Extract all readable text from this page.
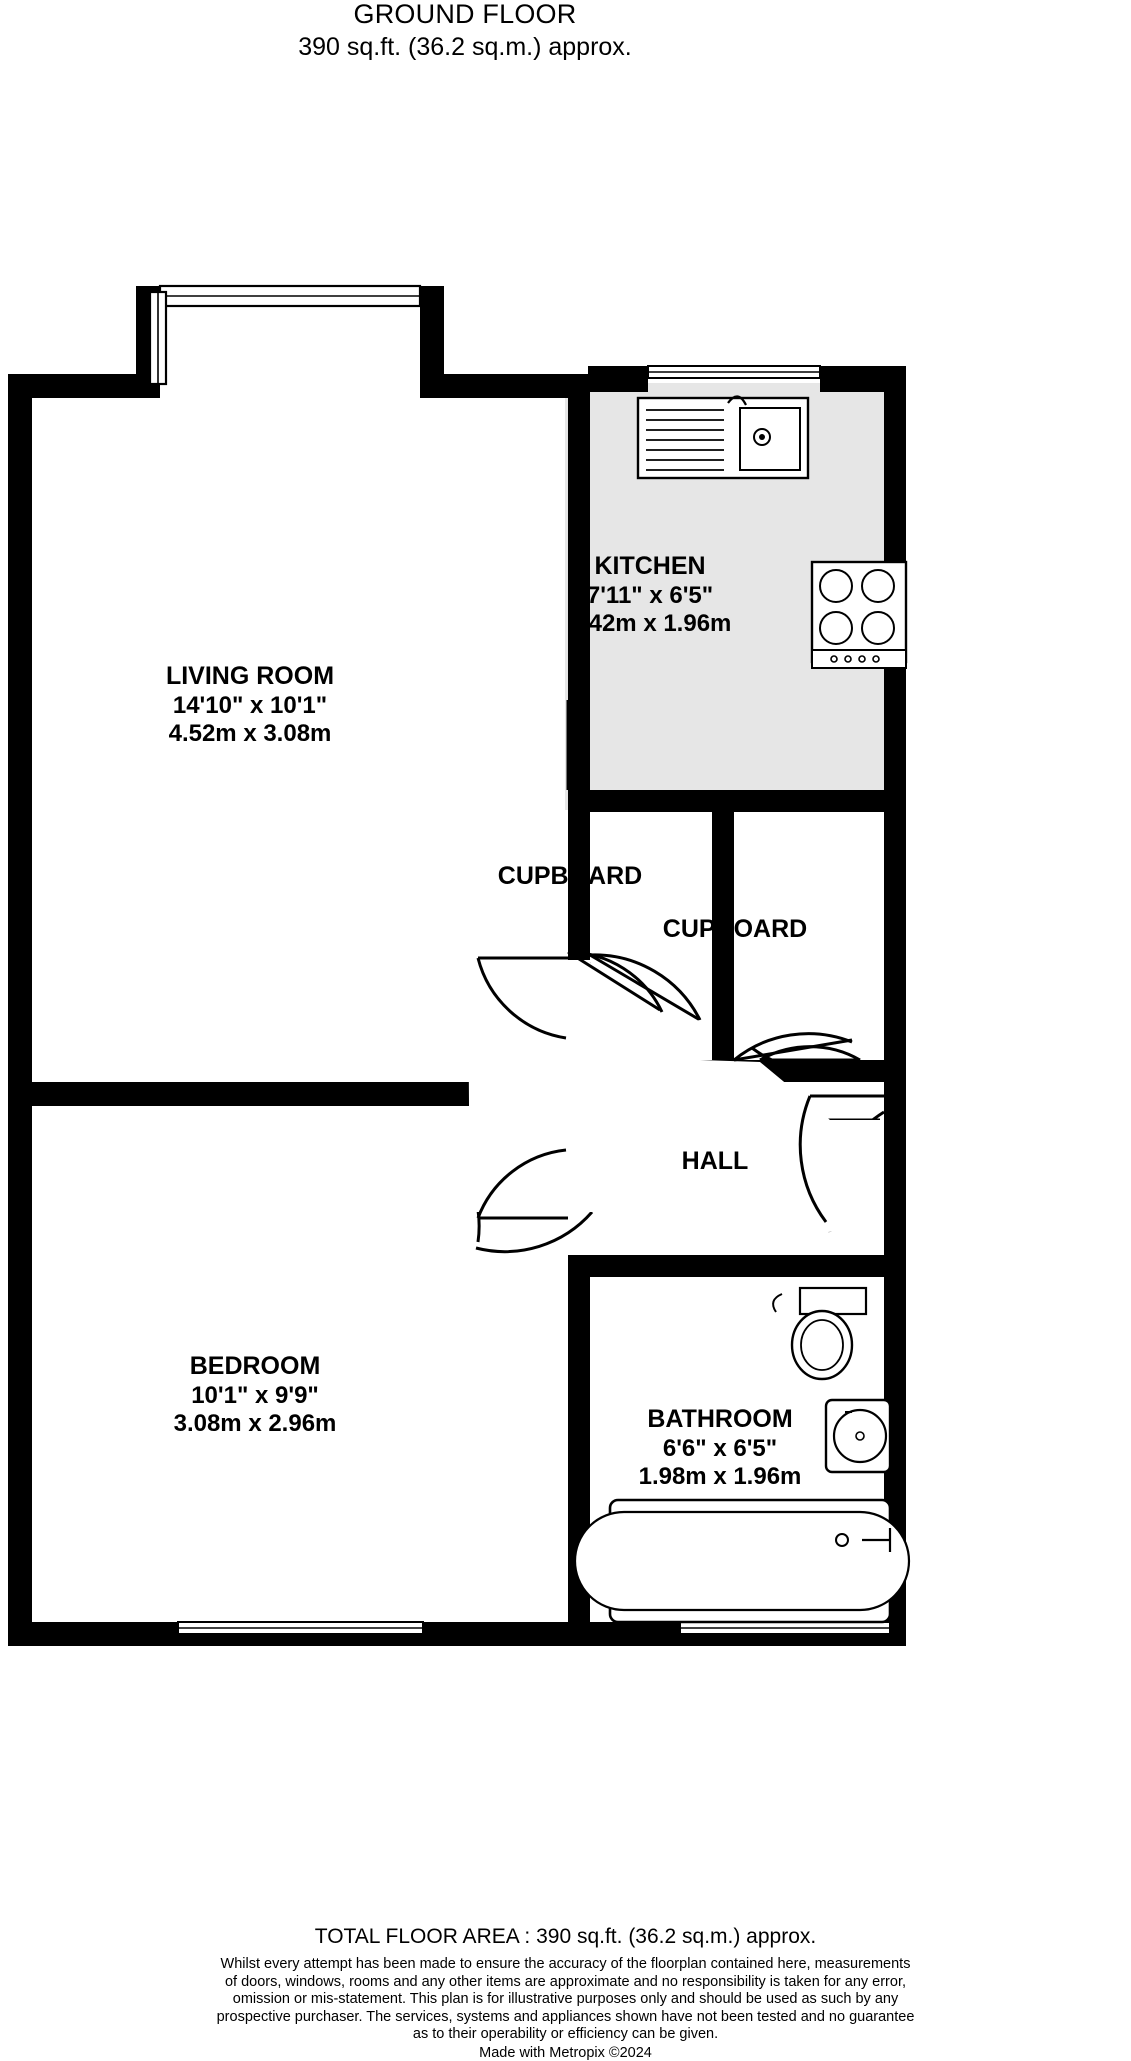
GROUND FLOOR
390 sq.ft. (36.2 sq.m.) approx.
LIVING ROOM
14'10" x 10'1"
4.52m x 3.08m
KITCHEN
7'11" x 6'5"
2.42m x 1.96m
CUPBOARD
CUPBOARD
HALL
BEDROOM
10'1" x 9'9"
3.08m x 2.96m	BATHROOM
6'6" x 6'5"
1.98m x 1.96m
TOTAL FLOOR AREA : 390 sq.ft. (36.2 sq.m.) approx.
Whilst every attempt has been made to ensure the accuracy of the floorplan contained here, measurements
of doors, windows, rooms and any other items are approximate and no responsibility is taken for any error,
omission or mis-statement. This plan is for illustrative purposes only and should be used as such by any
prospective purchaser. The services, systems and appliances shown have not been tested and no guarantee
as to their operability or efficiency can be given.
Made with Metropix ©2024
